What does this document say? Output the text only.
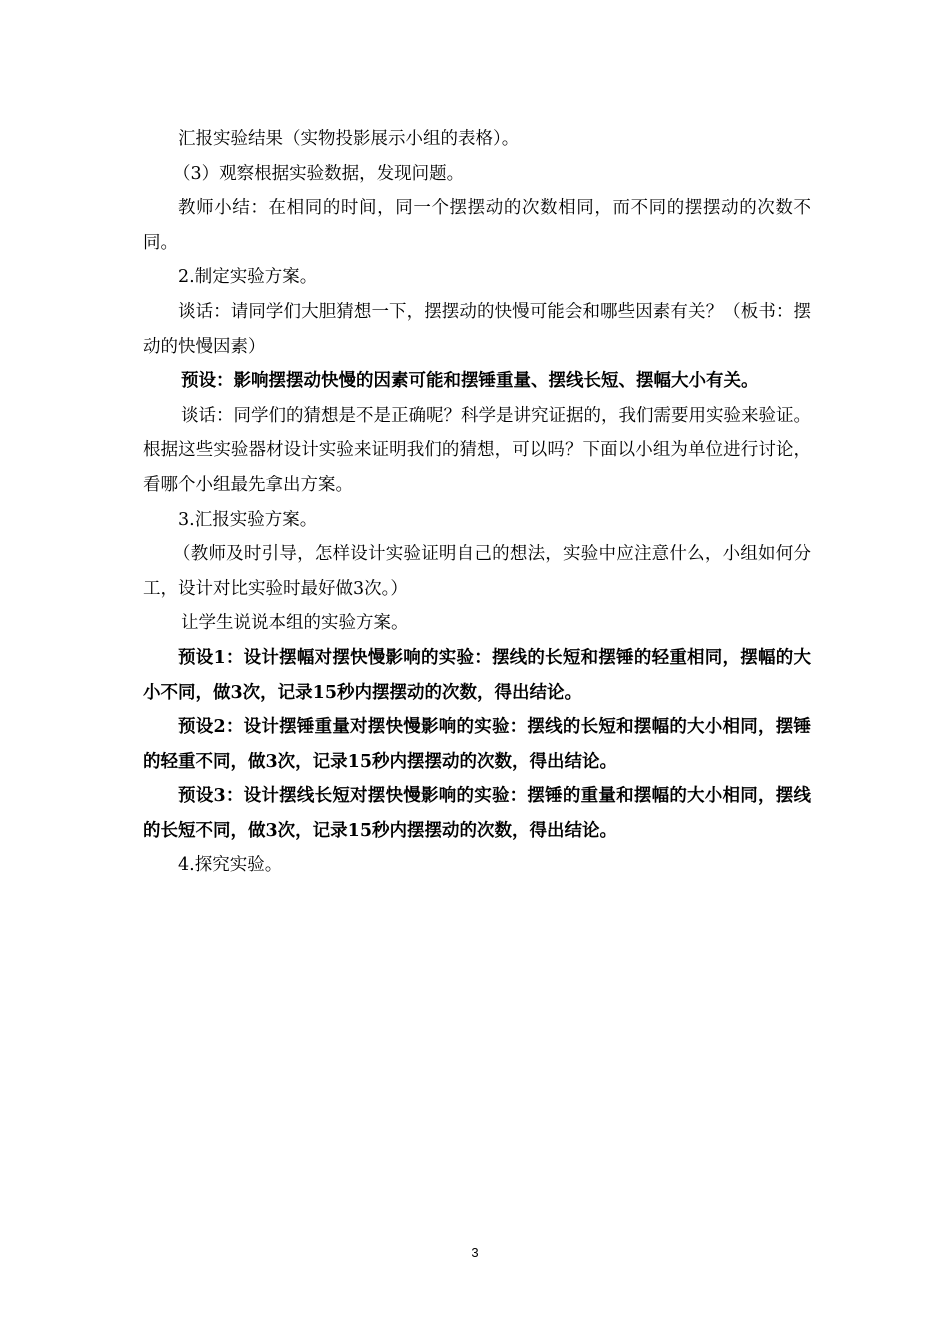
汇报实验结果（实物投影展示小组的表格）。

（3）观察根据实验数据，发现问题。

教师小结：在相同的时间，同一个摆摆动的次数相同，而不同的摆摆动的次数不同。

2.制定实验方案。

谈话：请同学们大胆猜想一下，摆摆动的快慢可能会和哪些因素有关？（板书：摆动的快慢因素）

预设：影响摆摆动快慢的因素可能和摆锤重量、摆线长短、摆幅大小有关。

谈话：同学们的猜想是不是正确呢？科学是讲究证据的，我们需要用实验来验证。根据这些实验器材设计实验来证明我们的猜想，可以吗？下面以小组为单位进行讨论，看哪个小组最先拿出方案。

3.汇报实验方案。

（教师及时引导，怎样设计实验证明自己的想法，实验中应注意什么，小组如何分工，设计对比实验时最好做3次。）

让学生说说本组的实验方案。

预设1：设计摆幅对摆快慢影响的实验：摆线的长短和摆锤的轻重相同，摆幅的大小不同，做3次，记录15秒内摆摆动的次数，得出结论。

预设2：设计摆锤重量对摆快慢影响的实验：摆线的长短和摆幅的大小相同，摆锤的轻重不同，做3次，记录15秒内摆摆动的次数，得出结论。

预设3：设计摆线长短对摆快慢影响的实验：摆锤的重量和摆幅的大小相同，摆线的长短不同，做3次，记录15秒内摆摆动的次数，得出结论。

4.探究实验。

3
